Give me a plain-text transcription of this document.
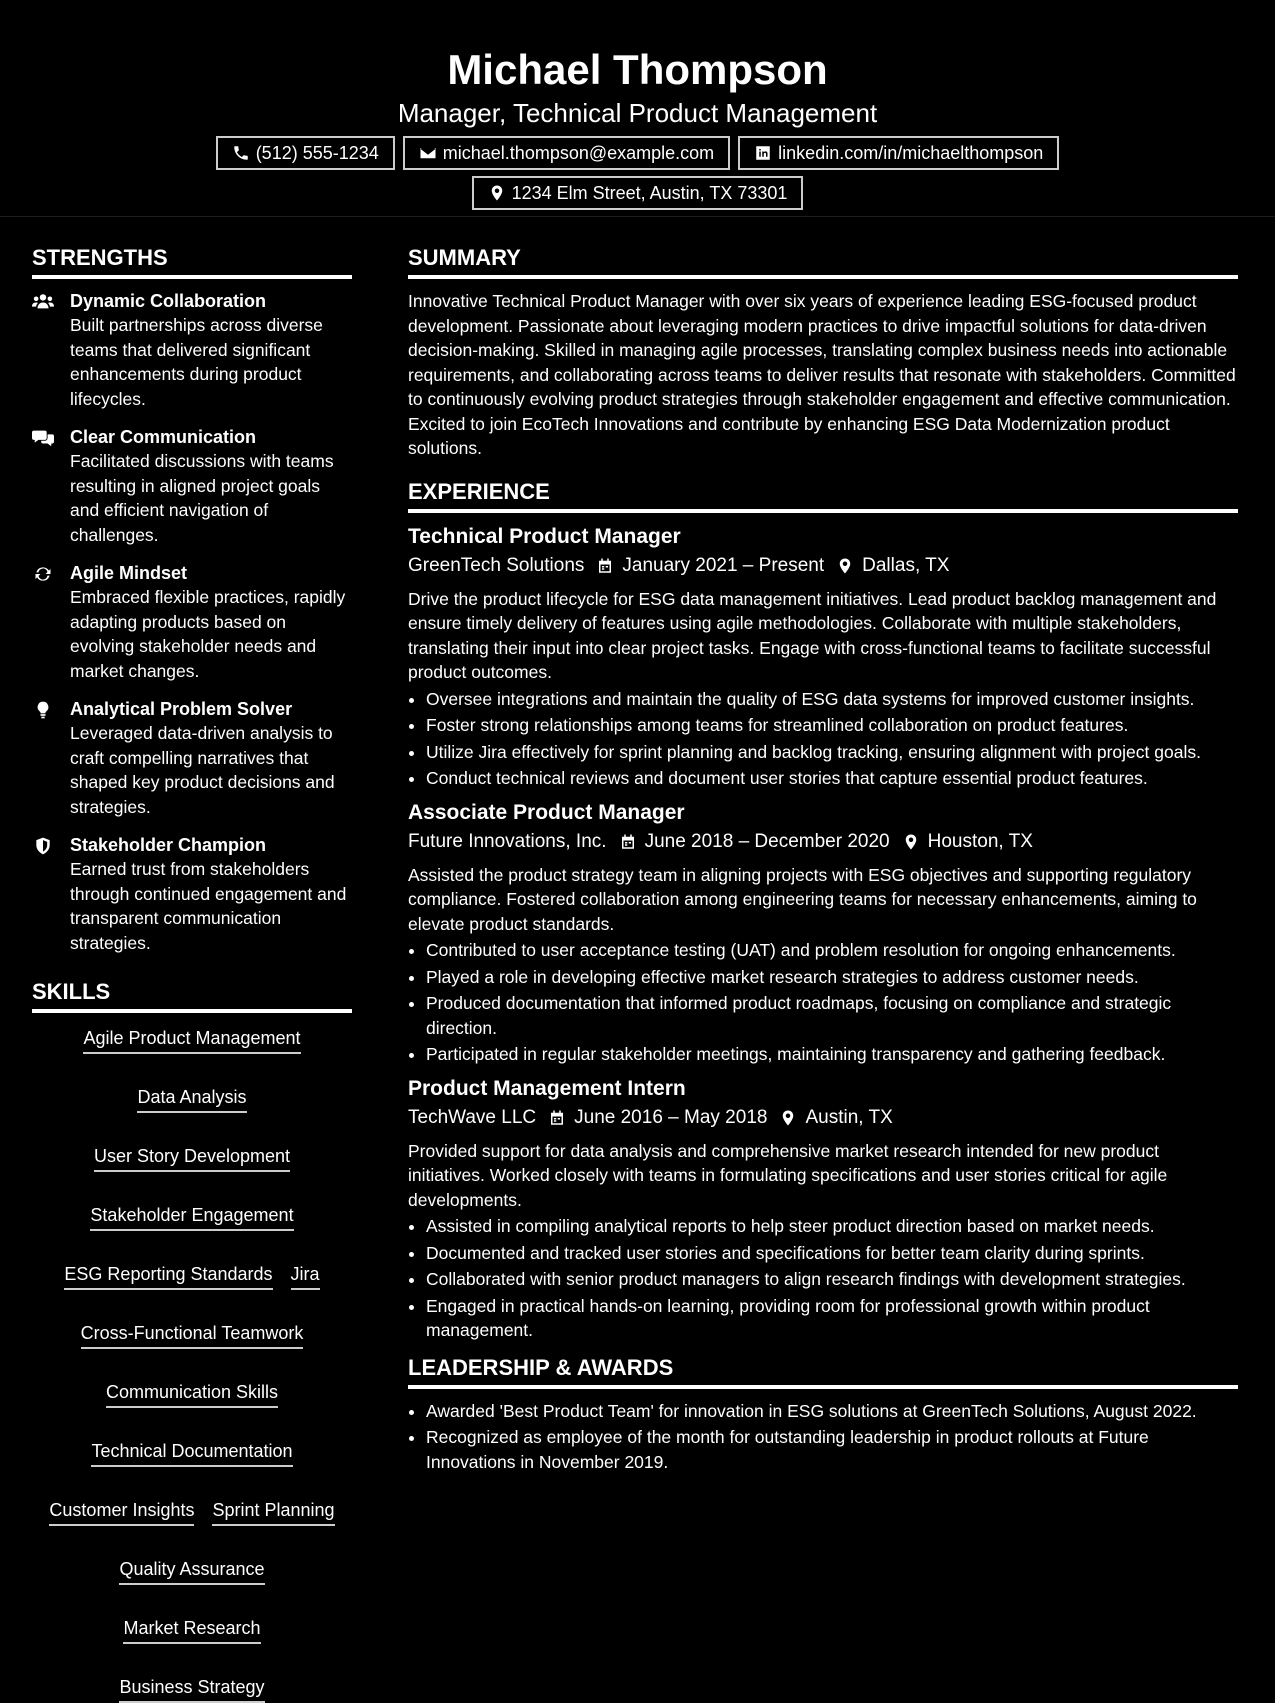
Michael Thompson
Manager, Technical Product Management
(512) 555-1234	michael.thompson@example.com	linkedin.com/in/michaelthompson
1234 Elm Street, Austin, TX 73301
STRENGTHS
Dynamic Collaboration
Built partnerships across diverse teams that delivered significant enhancements during product lifecycles.
Clear Communication
Facilitated discussions with teams resulting in aligned project goals and efficient navigation of challenges.
Agile Mindset
Embraced flexible practices, rapidly adapting products based on evolving stakeholder needs and market changes.
Analytical Problem Solver
Leveraged data-driven analysis to craft compelling narratives that shaped key product decisions and strategies.
Stakeholder Champion
Earned trust from stakeholders through continued engagement and transparent communication strategies.
SKILLS
Agile Product Management
Data Analysis
User Story Development
Stakeholder Engagement
ESG Reporting Standards Jira
Cross-Functional Teamwork
Communication Skills
Technical Documentation
Customer Insights Sprint Planning
Quality Assurance
Market Research
Business Strategy
SUMMARY

Innovative Technical Product Manager with over six years of experience leading ESG-focused product development. Passionate about leveraging modern practices to drive impactful solutions for data-driven decision-making. Skilled in managing agile processes, translating complex business needs into actionable requirements, and collaborating across teams to deliver results that resonate with stakeholders. Committed to continuously evolving product strategies through stakeholder engagement and effective communication. Excited to join EcoTech Innovations and contribute by enhancing ESG Data Modernization product solutions.

EXPERIENCE
Technical Product Manager
GreenTech Solutions January 2021 – Present Dallas, TX

Drive the product lifecycle for ESG data management initiatives. Lead product backlog management and ensure timely delivery of features using agile methodologies. Collaborate with multiple stakeholders, translating their input into clear project tasks. Engage with cross-functional teams to facilitate successful product outcomes.

• Oversee integrations and maintain the quality of ESG data systems for improved customer insights.
• Foster strong relationships among teams for streamlined collaboration on product features.
• Utilize Jira effectively for sprint planning and backlog tracking, ensuring alignment with project goals.
• Conduct technical reviews and document user stories that capture essential product features.
Associate Product Manager
Future Innovations, Inc. June 2018 – December 2020 Houston, TX

Assisted the product strategy team in aligning projects with ESG objectives and supporting regulatory compliance. Fostered collaboration among engineering teams for necessary enhancements, aiming to elevate product standards.

• Contributed to user acceptance testing (UAT) and problem resolution for ongoing enhancements.
• Played a role in developing effective market research strategies to address customer needs.
• Produced documentation that informed product roadmaps, focusing on compliance and strategic direction.
• Participated in regular stakeholder meetings, maintaining transparency and gathering feedback.
Product Management Intern
TechWave LLC June 2016 – May 2018 Austin, TX

Provided support for data analysis and comprehensive market research intended for new product initiatives. Worked closely with teams in formulating specifications and user stories critical for agile developments.

• Assisted in compiling analytical reports to help steer product direction based on market needs.
• Documented and tracked user stories and specifications for better team clarity during sprints.
• Collaborated with senior product managers to align research findings with development strategies.
• Engaged in practical hands-on learning, providing room for professional growth within product management.
LEADERSHIP & AWARDS
• Awarded 'Best Product Team' for innovation in ESG solutions at GreenTech Solutions, August 2022.
• Recognized as employee of the month for outstanding leadership in product rollouts at Future Innovations in November 2019.
